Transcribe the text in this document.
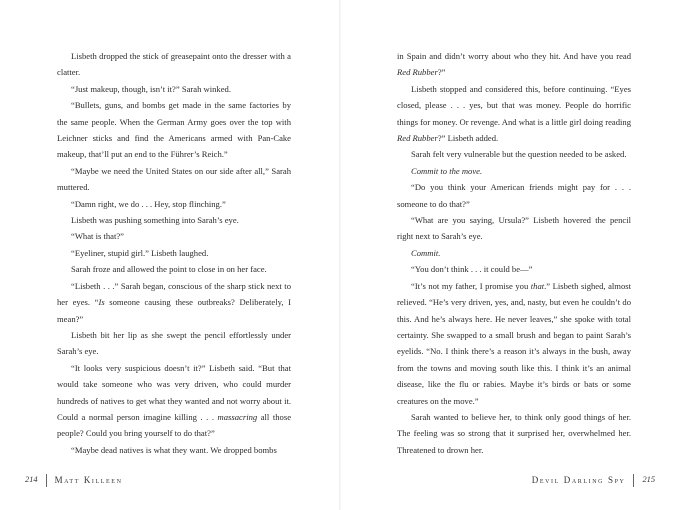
Lisbeth dropped the stick of greasepaint onto the dresser with a clatter.

“Just makeup, though, isn’t it?” Sarah winked.

“Bullets, guns, and bombs get made in the same factories by the same people. When the German Army goes over the top with Leichner sticks and find the Americans armed with Pan-Cake makeup, that’ll put an end to the Führer’s Reich.”

“Maybe we need the United States on our side after all,” Sarah muttered.

“Damn right, we do . . . Hey, stop flinching.”

Lisbeth was pushing something into Sarah’s eye.

“What is that?”

“Eyeliner, stupid girl.” Lisbeth laughed.

Sarah froze and allowed the point to close in on her face.

“Lisbeth . . .” Sarah began, conscious of the sharp stick next to her eyes. “Is someone causing these outbreaks? Deliberately, I mean?”

Lisbeth bit her lip as she swept the pencil effortlessly under Sarah’s eye.

“It looks very suspicious doesn’t it?” Lisbeth said. “But that would take someone who was very driven, who could murder hundreds of natives to get what they wanted and not worry about it. Could a normal person imagine killing . . . massacring all those people? Could you bring yourself to do that?”

“Maybe dead natives is what they want. We dropped bombs

in Spain and didn’t worry about who they hit. And have you read Red Rubber?”

Lisbeth stopped and considered this, before continuing. “Eyes closed, please . . . yes, but that was money. People do horrific things for money. Or revenge. And what is a little girl doing reading Red Rubber?” Lisbeth added.

Sarah felt very vulnerable but the question needed to be asked.

Commit to the move.

“Do you think your American friends might pay for . . . someone to do that?”

“What are you saying, Ursula?” Lisbeth hovered the pencil right next to Sarah’s eye.

Commit.

“You don’t think . . . it could be—”

“It’s not my father, I promise you that.” Lisbeth sighed, almost relieved. “He’s very driven, yes, and, nasty, but even he couldn’t do this. And he’s always here. He never leaves,” she spoke with total certainty. She swapped to a small brush and began to paint Sarah’s eyelids. “No. I think there’s a reason it’s always in the bush, away from the towns and moving south like this. I think it’s an animal disease, like the flu or rabies. Maybe it’s birds or bats or some creatures on the move.”

Sarah wanted to believe her, to think only good things of her. The feeling was so strong that it surprised her, overwhelmed her. Threatened to drown her.

214 Matt Killeen	Devil Darling Spy 215
